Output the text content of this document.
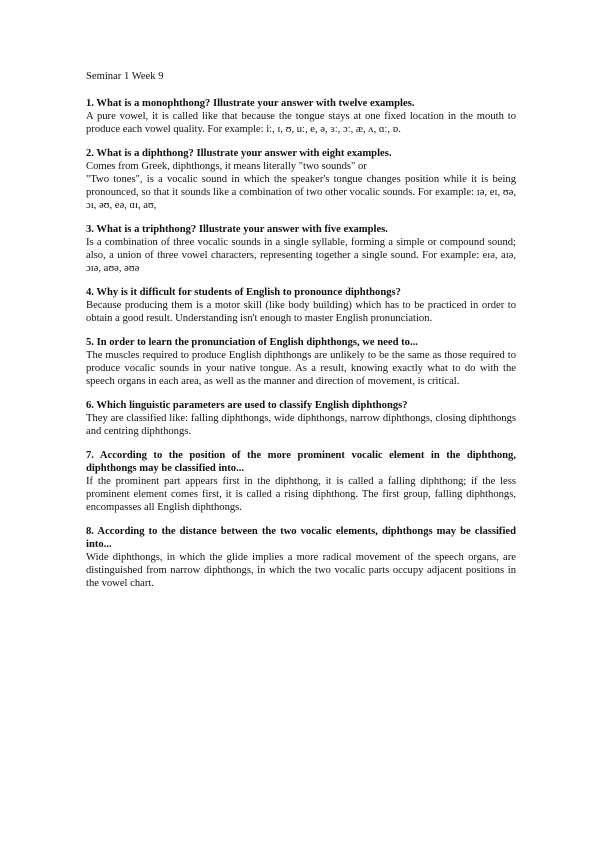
Seminar 1 Week 9

1. What is a monophthong? Illustrate your answer with twelve examples.

A pure vowel, it is called like that because the tongue stays at one fixed location in the mouth to produce each vowel quality. For example: iː, ɪ, ʊ, uː, e, ə, ɜː, ɔː, æ, ʌ, ɑː, ɒ.

2. What is a diphthong? Illustrate your answer with eight examples.

Comes from Greek, diphthongs, it means literally "two sounds" or
"Two tones", is a vocalic sound in which the speaker's tongue changes position while it is being pronounced, so that it sounds like a combination of two other vocalic sounds. For example: ɪə, eɪ, ʊə, ɔɪ, əʊ, eə, ɑɪ, aʊ,

3. What is a triphthong? Illustrate your answer with five examples.

Is a combination of three vocalic sounds in a single syllable, forming a simple or compound sound; also, a union of three vowel characters, representing together a single sound. For example: eɪə, aɪə, ɔɪə, aʊə, əʊə

4. Why is it difficult for students of English to pronounce diphthongs?

Because producing them is a motor skill (like body building) which has to be practiced in order to obtain a good result. Understanding isn't enough to master English pronunciation.

5. In order to learn the pronunciation of English diphthongs, we need to...

The muscles required to produce English diphthongs are unlikely to be the same as those required to produce vocalic sounds in your native tongue. As a result, knowing exactly what to do with the speech organs in each area, as well as the manner and direction of movement, is critical.

6. Which linguistic parameters are used to classify English diphthongs?

They are classified like: falling diphthongs, wide diphthongs, narrow diphthongs, closing diphthongs and centring diphthongs.

7. According to the position of the more prominent vocalic element in the diphthong, diphthongs may be classified into...

If the prominent part appears first in the diphthong, it is called a falling diphthong; if the less prominent element comes first, it is called a rising diphthong. The first group, falling diphthongs, encompasses all English diphthongs.

8. According to the distance between the two vocalic elements, diphthongs may be classified into...

Wide diphthongs, in which the glide implies a more radical movement of the speech organs, are distinguished from narrow diphthongs, in which the two vocalic parts occupy adjacent positions in the vowel chart.
